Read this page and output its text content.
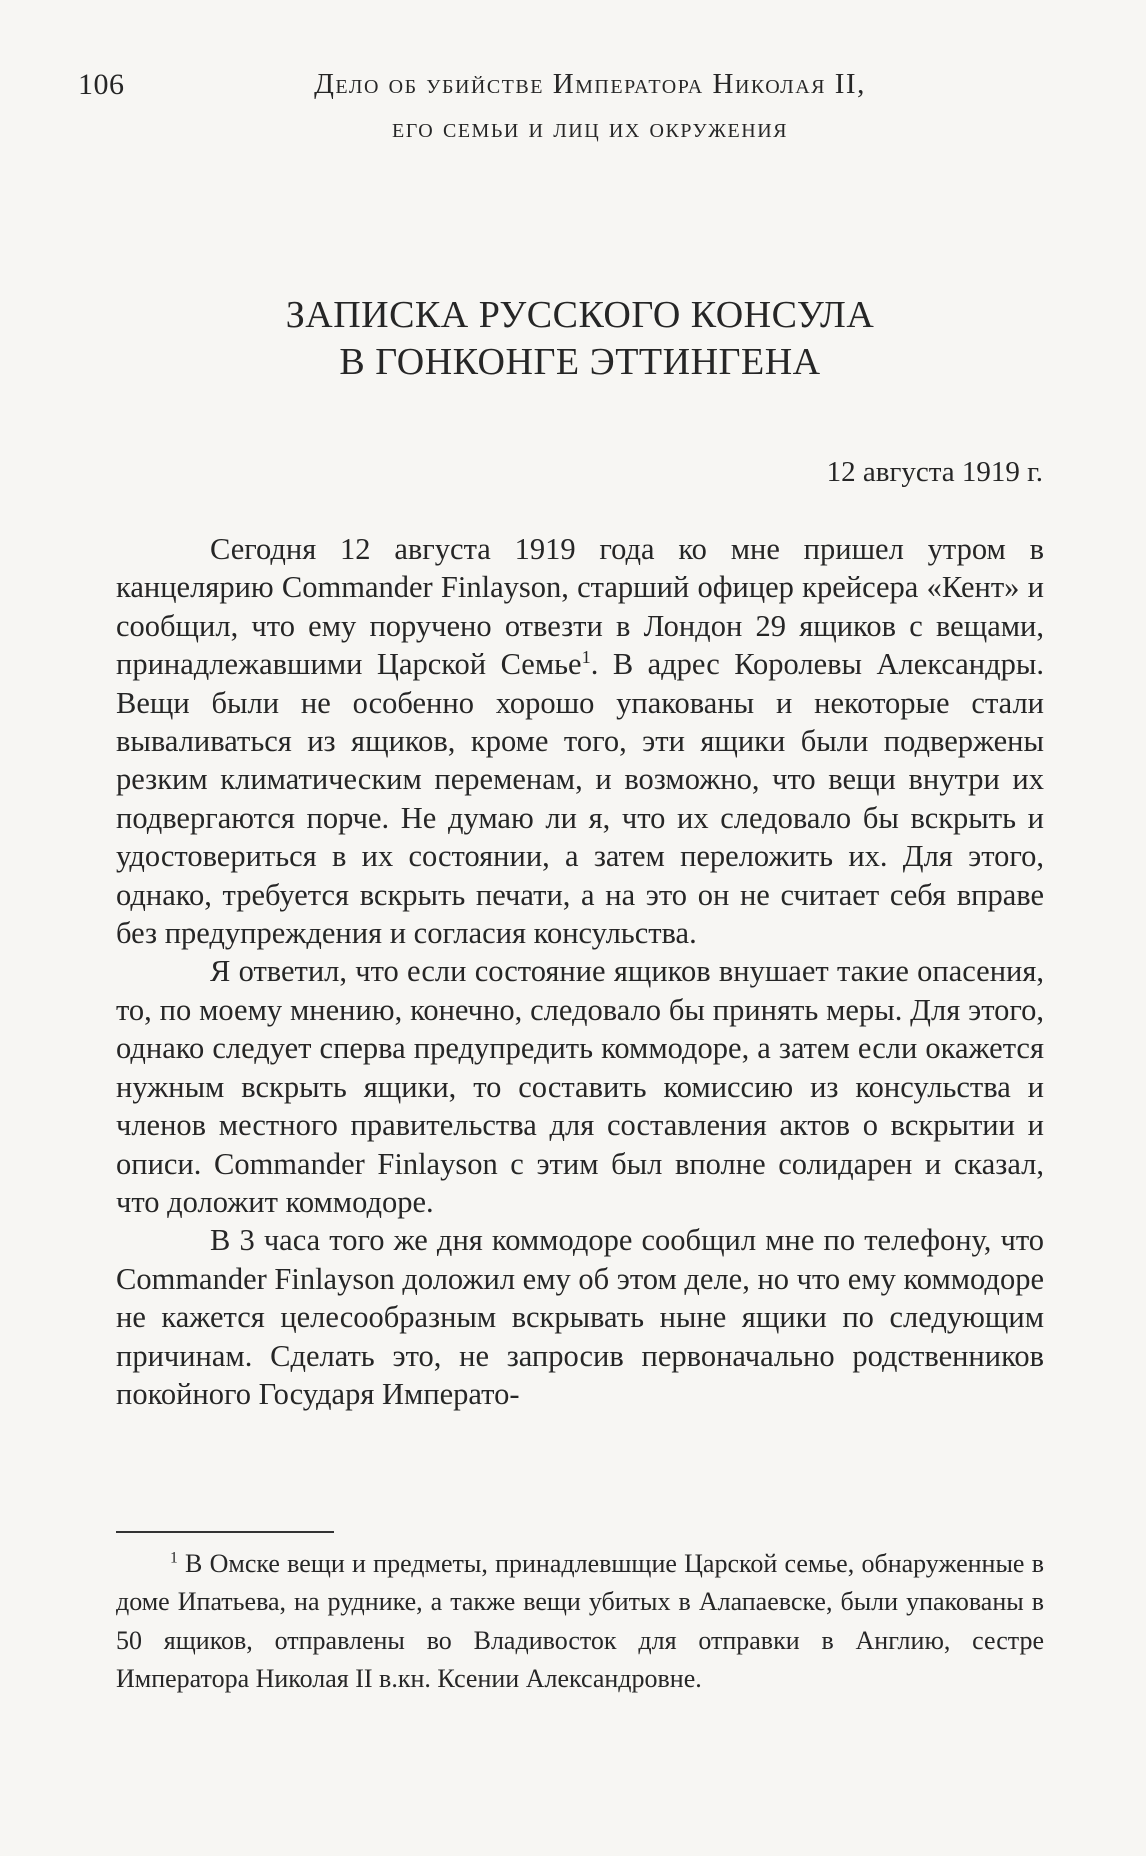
106	Дело об убийстве Императора Николая II,
его семьи и лиц их окружения
ЗАПИСКА РУССКОГО КОНСУЛА
В ГОНКОНГЕ ЭТТИНГЕНА
12 августа 1919 г.

Сегодня 12 августа 1919 года ко мне пришел утром в канцелярию Commander Finlayson, старший офицер крейсера «Кент» и сообщил, что ему поручено отвезти в Лондон 29 ящиков с вещами, принадлежавшими Царской Семье$^1$. В адрес Королевы Александры. Вещи были не особенно хорошо упакованы и некоторые стали вываливаться из ящиков, кроме того, эти ящики были подвержены резким климатическим переменам, и возможно, что вещи внутри их подвергаются порче. Не думаю ли я, что их следовало бы вскрыть и удостовериться в их состоянии, а затем переложить их. Для этого, однако, требуется вскрыть печати, а на это он не считает себя вправе без предупреждения и согласия консульства.

Я ответил, что если состояние ящиков внушает такие опасения, то, по моему мнению, конечно, следовало бы принять меры. Для этого, однако следует сперва предупредить коммодоре, а затем если окажется нужным вскрыть ящики, то составить комиссию из консульства и членов местного правительства для составления актов о вскрытии и описи. Commander Finlayson с этим был вполне солидарен и сказал, что доложит коммодоре.

В 3 часа того же дня коммодоре сообщил мне по телефону, что Commander Finlayson доложил ему об этом деле, но что ему коммодоре не кажется целесообразным вскрывать ныне ящики по следующим причинам. Сделать это, не запросив первоначально родственников покойного Государя Императо-

$^1$ В Омске вещи и предметы, принадлевшщие Царской семье, обнаруженные в доме Ипатьева, на руднике, а также вещи убитых в Алапаевске, были упакованы в 50 ящиков, отправлены во Владивосток для отправки в Англию, сестре Императора Николая II в.кн. Ксении Александровне.
